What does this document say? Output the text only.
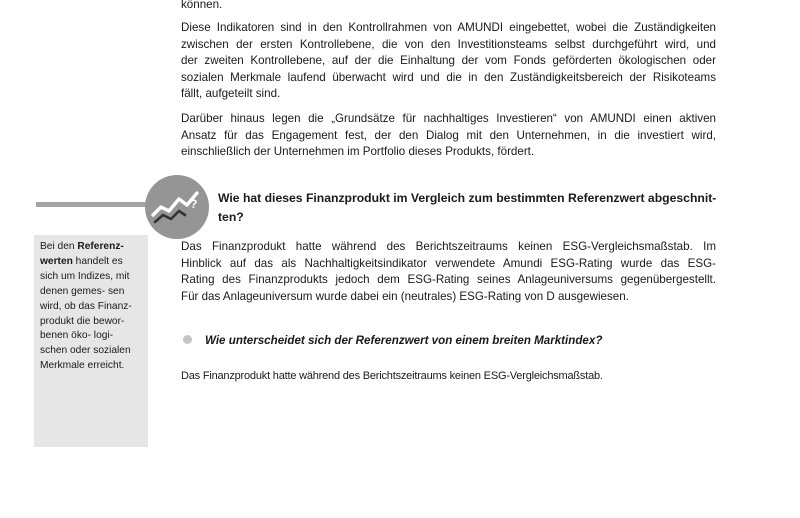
können.

Diese Indikatoren sind in den Kontrollrahmen von AMUNDI eingebettet, wobei die Zuständigkeiten
zwischen der ersten Kontrollebene, die von den Investitionsteams selbst durchgeführt wird, und
der zweiten Kontrollebene, auf der die Einhaltung der vom Fonds geförderten ökologischen oder
sozialen Merkmale laufend überwacht wird und die in den Zuständigkeitsbereich der Risikoteams
fällt, aufgeteilt sind.

Darüber hinaus legen die „Grundsätze für nachhaltiges Investieren“ von AMUNDI einen aktiven
Ansatz für das Engagement fest, der den Dialog mit den Unternehmen, in die investiert wird,
einschließlich der Unternehmen im Portfolio dieses Produkts, fördert.

? Wie hat dieses Finanzprodukt im Vergleich zum bestimmten Referenzwert abgeschnit-
ten?

Bei den Referenz-
werten handelt es
sich um Indizes, mit
denen gemes- sen
wird, ob das Finanz-
produkt die bewor-
benen öko- logi-
schen oder sozialen
Merkmale erreicht.

Das Finanzprodukt hatte während des Berichtszeitraums keinen ESG-Vergleichsmaßstab. Im
Hinblick auf das als Nachhaltigkeitsindikator verwendete Amundi ESG-Rating wurde das ESG-
Rating des Finanzprodukts jedoch dem ESG-Rating seines Anlageuniversums gegenübergestellt.
Für das Anlageuniversum wurde dabei ein (neutrales) ESG-Rating von D ausgewiesen.

Wie unterscheidet sich der Referenzwert von einem breiten Marktindex?

Das Finanzprodukt hatte während des Berichtszeitraums keinen ESG-Vergleichsmaßstab.
